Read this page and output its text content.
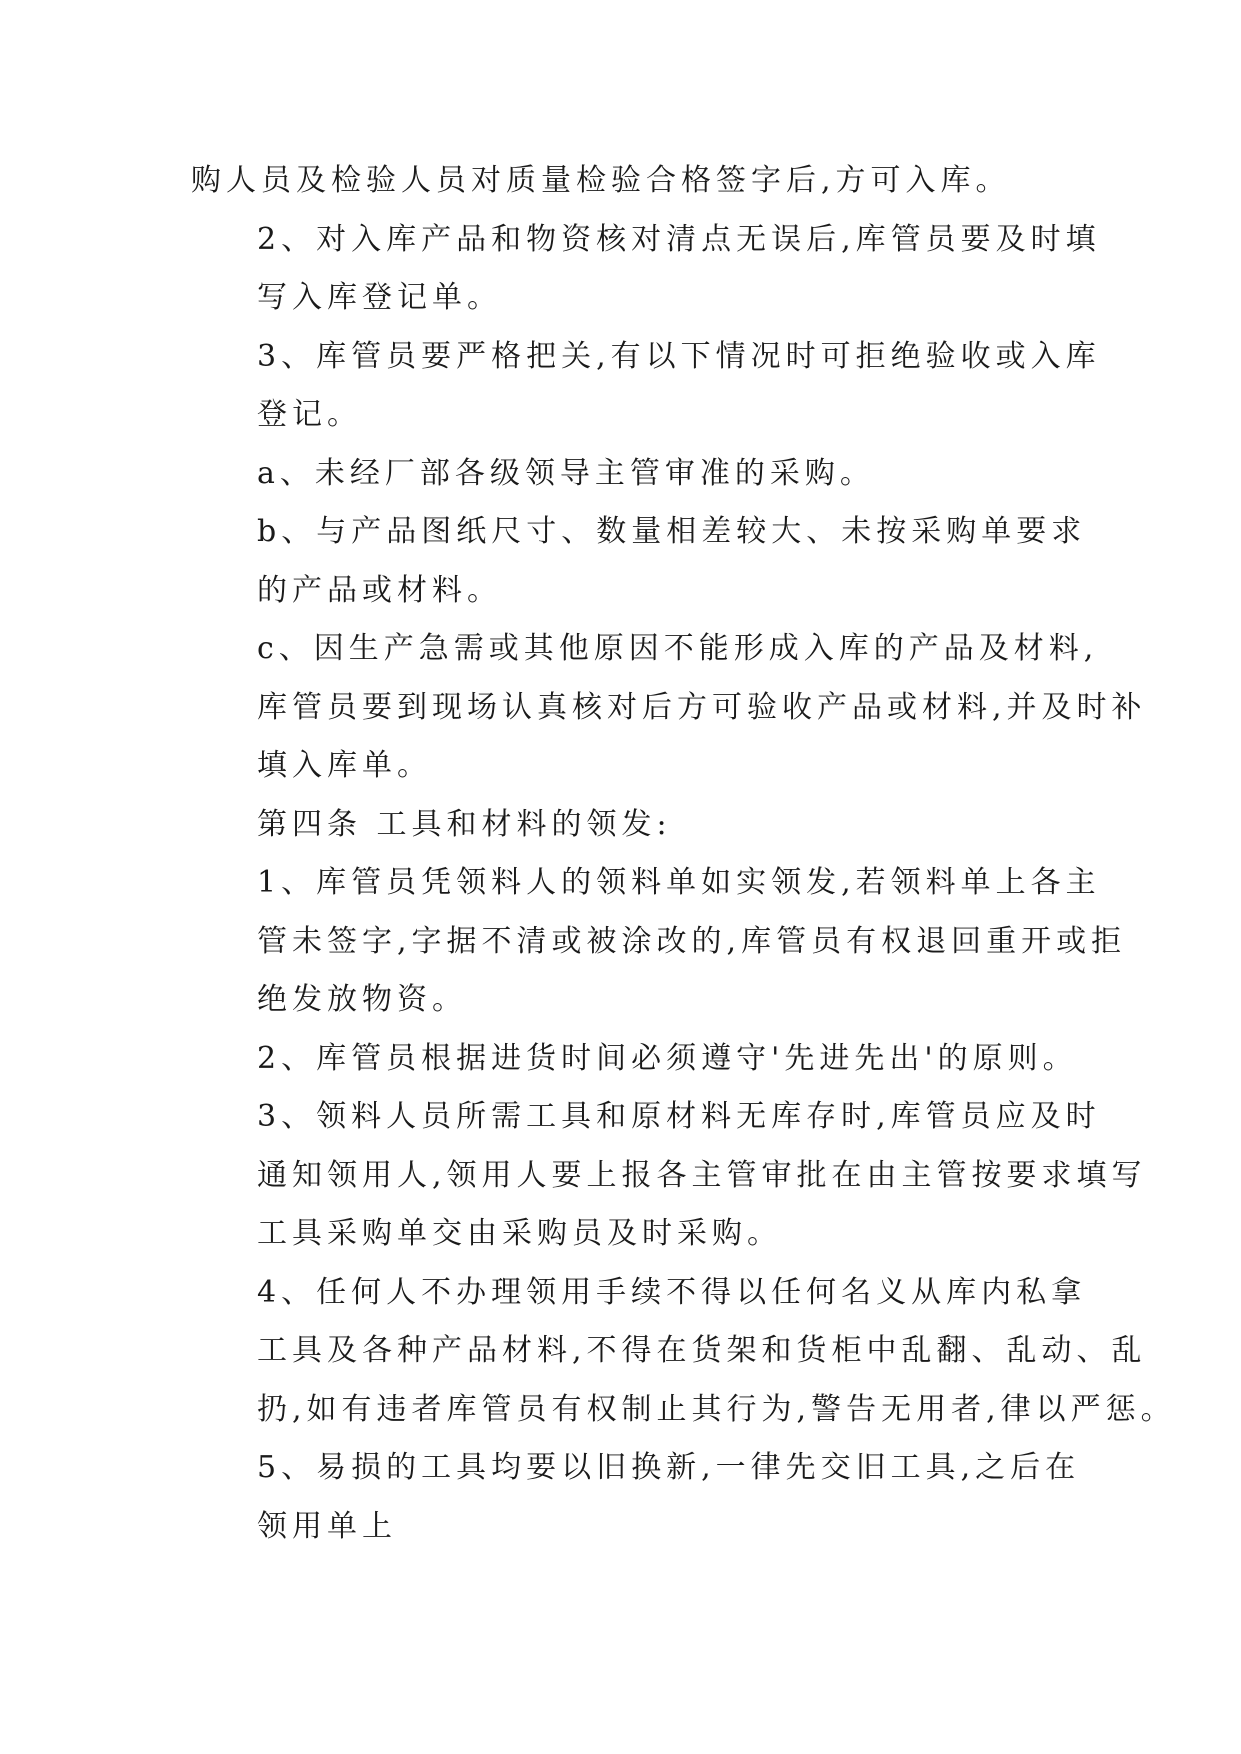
购人员及检验人员对质量检验合格签字后,方可入库。

2、对入库产品和物资核对清点无误后,库管员要及时填
写入库登记单。

3、库管员要严格把关,有以下情况时可拒绝验收或入库
登记。

a、未经厂部各级领导主管审准的采购。

b、与产品图纸尺寸、数量相差较大、未按采购单要求
的产品或材料。

c、因生产急需或其他原因不能形成入库的产品及材料,
库管员要到现场认真核对后方可验收产品或材料,并及时补
填入库单。

第四条 工具和材料的领发:

1、库管员凭领料人的领料单如实领发,若领料单上各主
管未签字,字据不清或被涂改的,库管员有权退回重开或拒
绝发放物资。

2、库管员根据进货时间必须遵守'先进先出'的原则。

3、领料人员所需工具和原材料无库存时,库管员应及时
通知领用人,领用人要上报各主管审批在由主管按要求填写
工具采购单交由采购员及时采购。

4、任何人不办理领用手续不得以任何名义从库内私拿
工具及各种产品材料,不得在货架和货柜中乱翻、乱动、乱
扔,如有违者库管员有权制止其行为,警告无用者,律以严惩。

5、易损的工具均要以旧换新,一律先交旧工具,之后在
领用单上
